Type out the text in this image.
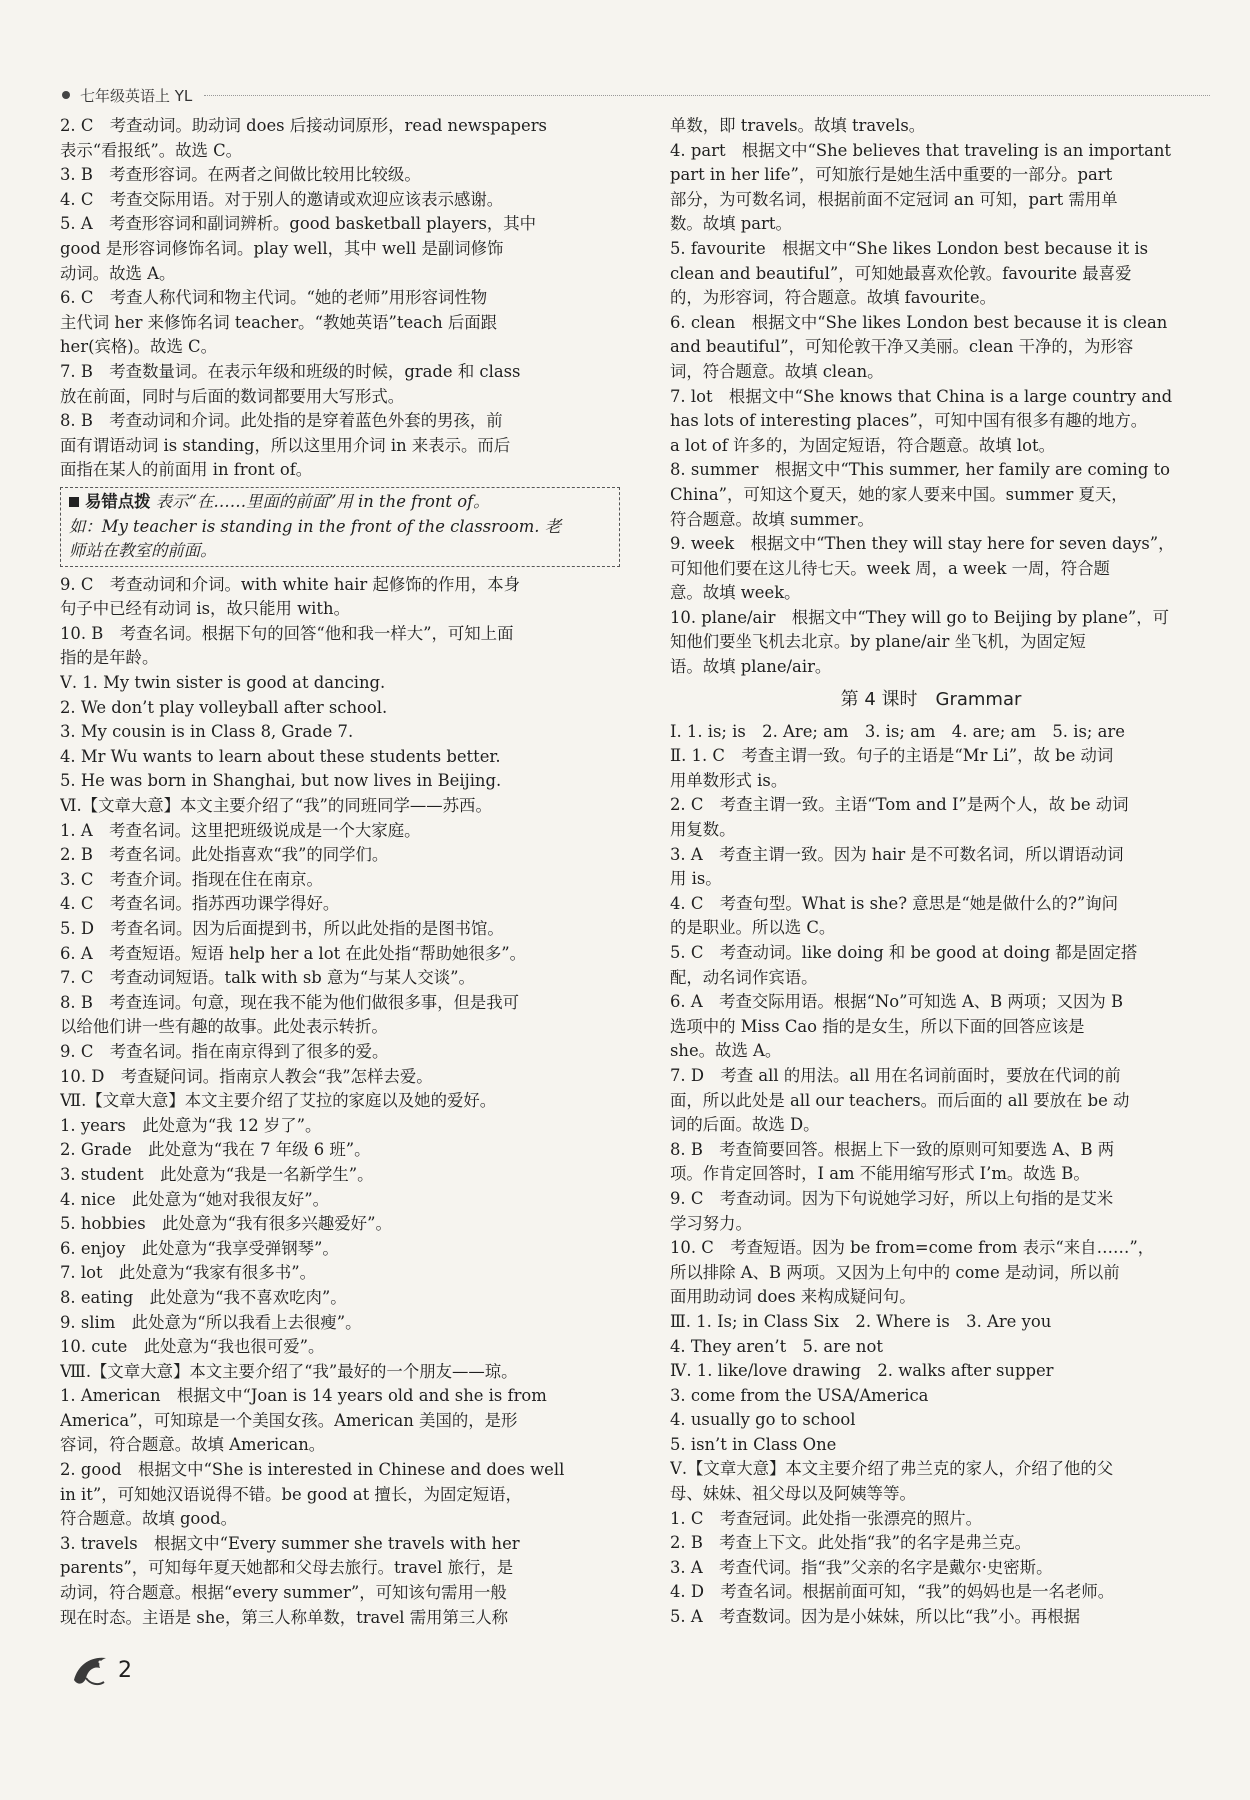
七年级英语上 YL
2. C　考查动词。助动词 does 后接动词原形，read newspapers
表示“看报纸”。故选 C。
3. B　考查形容词。在两者之间做比较用比较级。
4. C　考查交际用语。对于别人的邀请或欢迎应该表示感谢。
5. A　考查形容词和副词辨析。good basketball players，其中
good 是形容词修饰名词。play well，其中 well 是副词修饰
动词。故选 A。
6. C　考查人称代词和物主代词。“她的老师”用形容词性物
主代词 her 来修饰名词 teacher。“教她英语”teach 后面跟
her(宾格)。故选 C。
7. B　考查数量词。在表示年级和班级的时候，grade 和 class
放在前面，同时与后面的数词都要用大写形式。
8. B　考查动词和介词。此处指的是穿着蓝色外套的男孩，前
面有谓语动词 is standing，所以这里用介词 in 来表示。而后
面指在某人的前面用 in front of。
易错点拨 表示“在……里面的前面”用 in the front of。
如：My teacher is standing in the front of the classroom. 老
师站在教室的前面。
9. C　考查动词和介词。with white hair 起修饰的作用，本身
句子中已经有动词 is，故只能用 with。
10. B　考查名词。根据下句的回答“他和我一样大”，可知上面
指的是年龄。
Ⅴ. 1. My twin sister is good at dancing.
2. We don’t play volleyball after school.
3. My cousin is in Class 8, Grade 7.
4. Mr Wu wants to learn about these students better.
5. He was born in Shanghai, but now lives in Beijing.
Ⅵ.【文章大意】本文主要介绍了“我”的同班同学——苏西。
1. A　考查名词。这里把班级说成是一个大家庭。
2. B　考查名词。此处指喜欢“我”的同学们。
3. C　考查介词。指现在住在南京。
4. C　考查名词。指苏西功课学得好。
5. D　考查名词。因为后面提到书，所以此处指的是图书馆。
6. A　考查短语。短语 help her a lot 在此处指“帮助她很多”。
7. C　考查动词短语。talk with sb 意为“与某人交谈”。
8. B　考查连词。句意，现在我不能为他们做很多事，但是我可
以给他们讲一些有趣的故事。此处表示转折。
9. C　考查名词。指在南京得到了很多的爱。
10. D　考查疑问词。指南京人教会“我”怎样去爱。
Ⅶ.【文章大意】本文主要介绍了艾拉的家庭以及她的爱好。
1. years　此处意为“我 12 岁了”。
2. Grade　此处意为“我在 7 年级 6 班”。
3. student　此处意为“我是一名新学生”。
4. nice　此处意为“她对我很友好”。
5. hobbies　此处意为“我有很多兴趣爱好”。
6. enjoy　此处意为“我享受弹钢琴”。
7. lot　此处意为“我家有很多书”。
8. eating　此处意为“我不喜欢吃肉”。
9. slim　此处意为“所以我看上去很瘦”。
10. cute　此处意为“我也很可爱”。
Ⅷ.【文章大意】本文主要介绍了“我”最好的一个朋友——琼。
1. American　根据文中“Joan is 14 years old and she is from
America”，可知琼是一个美国女孩。American 美国的，是形
容词，符合题意。故填 American。
2. good　根据文中“She is interested in Chinese and does well
in it”，可知她汉语说得不错。be good at 擅长，为固定短语，
符合题意。故填 good。
3. travels　根据文中“Every summer she travels with her
parents”，可知每年夏天她都和父母去旅行。travel 旅行，是
动词，符合题意。根据“every summer”，可知该句需用一般
现在时态。主语是 she，第三人称单数，travel 需用第三人称
单数，即 travels。故填 travels。
4. part　根据文中“She believes that traveling is an important
part in her life”，可知旅行是她生活中重要的一部分。part
部分，为可数名词，根据前面不定冠词 an 可知，part 需用单
数。故填 part。
5. favourite　根据文中“She likes London best because it is
clean and beautiful”，可知她最喜欢伦敦。favourite 最喜爱
的，为形容词，符合题意。故填 favourite。
6. clean　根据文中“She likes London best because it is clean
and beautiful”，可知伦敦干净又美丽。clean 干净的，为形容
词，符合题意。故填 clean。
7. lot　根据文中“She knows that China is a large country and
has lots of interesting places”，可知中国有很多有趣的地方。
a lot of 许多的，为固定短语，符合题意。故填 lot。
8. summer　根据文中“This summer, her family are coming to
China”，可知这个夏天，她的家人要来中国。summer 夏天，
符合题意。故填 summer。
9. week　根据文中“Then they will stay here for seven days”，
可知他们要在这儿待七天。week 周，a week 一周，符合题
意。故填 week。
10. plane/air　根据文中“They will go to Beijing by plane”，可
知他们要坐飞机去北京。by plane/air 坐飞机，为固定短
语。故填 plane/air。
第 4 课时　Grammar
Ⅰ. 1. is; is　2. Are; am　3. is; am　4. are; am　5. is; are
Ⅱ. 1. C　考查主谓一致。句子的主语是“Mr Li”，故 be 动词
用单数形式 is。
2. C　考查主谓一致。主语“Tom and I”是两个人，故 be 动词
用复数。
3. A　考查主谓一致。因为 hair 是不可数名词，所以谓语动词
用 is。
4. C　考查句型。What is she? 意思是“她是做什么的?”询问
的是职业。所以选 C。
5. C　考查动词。like doing 和 be good at doing 都是固定搭
配，动名词作宾语。
6. A　考查交际用语。根据“No”可知选 A、B 两项；又因为 B
选项中的 Miss Cao 指的是女生，所以下面的回答应该是
she。故选 A。
7. D　考查 all 的用法。all 用在名词前面时，要放在代词的前
面，所以此处是 all our teachers。而后面的 all 要放在 be 动
词的后面。故选 D。
8. B　考查简要回答。根据上下一致的原则可知要选 A、B 两
项。作肯定回答时，I am 不能用缩写形式 I’m。故选 B。
9. C　考查动词。因为下句说她学习好，所以上句指的是艾米
学习努力。
10. C　考查短语。因为 be from=come from 表示“来自……”，
所以排除 A、B 两项。又因为上句中的 come 是动词，所以前
面用助动词 does 来构成疑问句。
Ⅲ. 1. Is; in Class Six　2. Where is　3. Are you
4. They aren’t　5. are not
Ⅳ. 1. like/love drawing　2. walks after supper
3. come from the USA/America
4. usually go to school
5. isn’t in Class One
Ⅴ.【文章大意】本文主要介绍了弗兰克的家人，介绍了他的父
母、妹妹、祖父母以及阿姨等等。
1. C　考查冠词。此处指一张漂亮的照片。
2. B　考查上下文。此处指“我”的名字是弗兰克。
3. A　考查代词。指“我”父亲的名字是戴尔·史密斯。
4. D　考查名词。根据前面可知，“我”的妈妈也是一名老师。
5. A　考查数词。因为是小妹妹，所以比“我”小。再根据
2
